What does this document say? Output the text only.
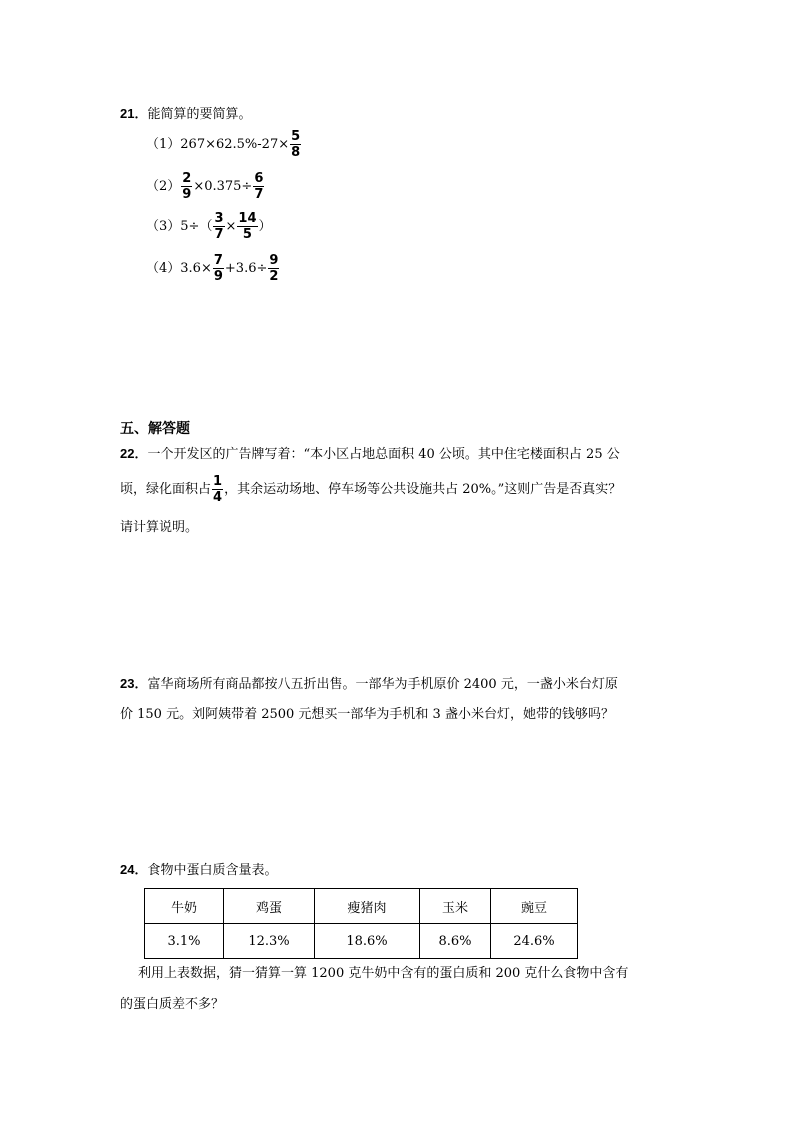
21．能简算的要简算。
$(1)267\times 62.5\%-27\times \frac{5}{8}$
$(2) \frac{2}{9} \times 0.375\div \frac{6}{7}$
$(3)5\div( \frac{3}{7} \times \frac{14}{5}$ ）
$(4)3.6\times \frac{7}{9} +3.6\div \frac{9}{2}$
五、解答题
22．一个开发区的广告牌写着：“本小区占地总面积 40 公顷。其中住宅楼面积占 25 公
顷，绿化面积占 $\frac{1}{4}$ ，其余运动场地、停车场等公共设施共占 20%。”这则广告是否真实？
请计算说明。
23．富华商场所有商品都按八五折出售。一部华为手机原价 2400 元，一盏小米台灯原
价 150 元。刘阿姨带着 2500 元想买一部华为手机和 3 盏小米台灯，她带的钱够吗？
24．食物中蛋白质含量表。
牛奶	鸡蛋	瘦猪肉	玉米	豌豆
3.1%	12.3%	18.6%	8.6%	24.6%
利用上表数据，猜一猜算一算 1200 克牛奶中含有的蛋白质和 200 克什么食物中含有
的蛋白质差不多？
